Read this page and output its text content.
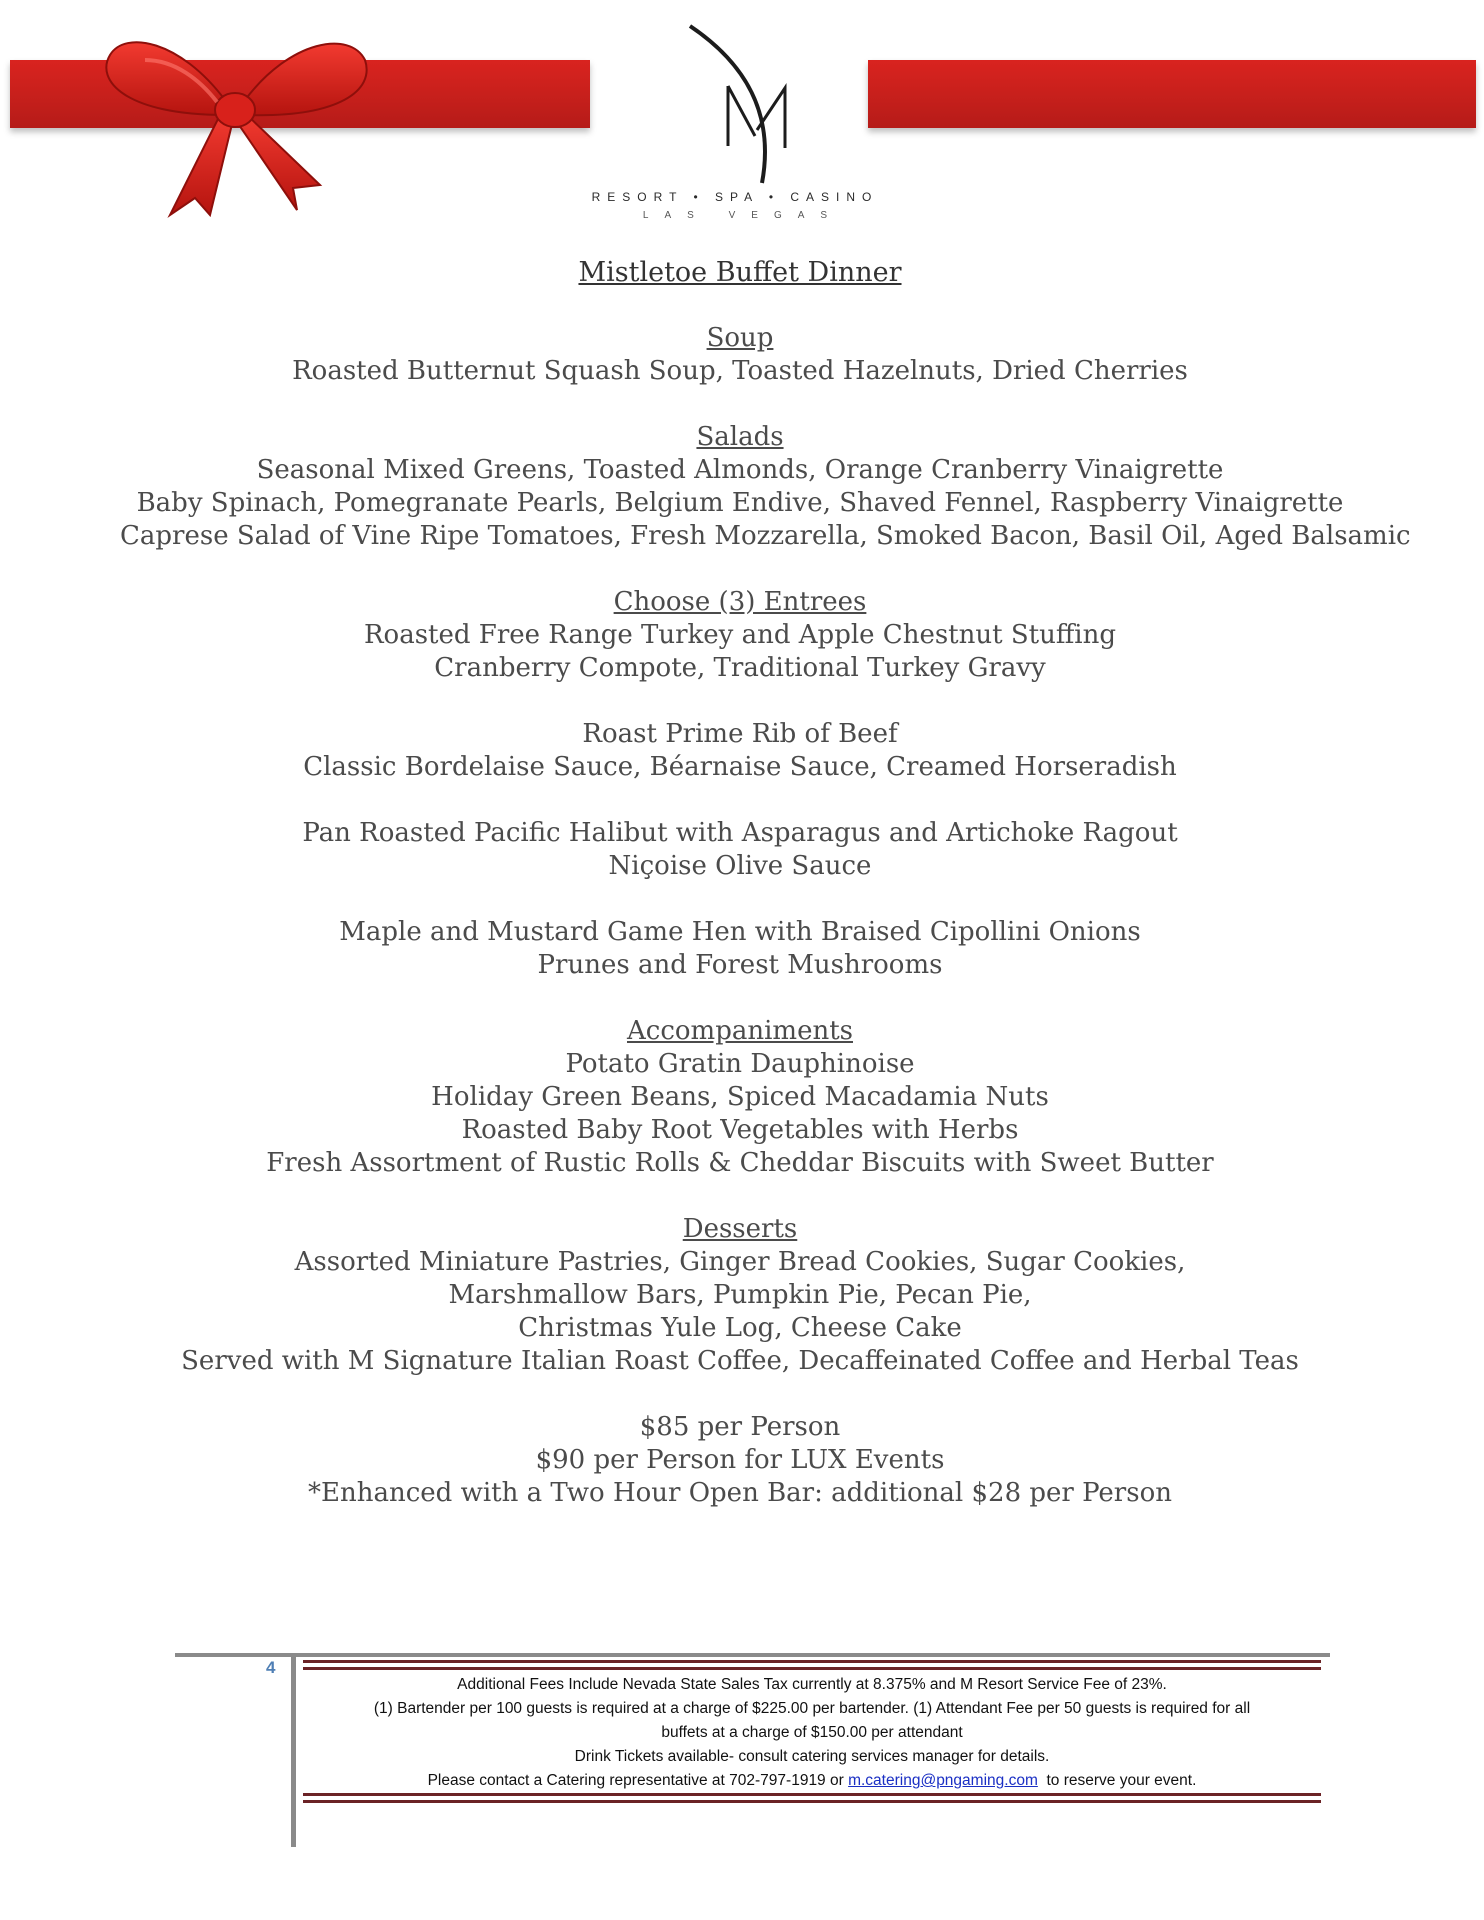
RESORT • SPA • CASINO
LAS VEGAS

Mistletoe Buffet Dinner

Soup

Roasted Butternut Squash Soup, Toasted Hazelnuts, Dried Cherries

Salads

Seasonal Mixed Greens, Toasted Almonds, Orange Cranberry Vinaigrette

Baby Spinach, Pomegranate Pearls, Belgium Endive, Shaved Fennel, Raspberry Vinaigrette

Caprese Salad of Vine Ripe Tomatoes, Fresh Mozzarella, Smoked Bacon, Basil Oil, Aged Balsamic

Choose (3) Entrees

Roasted Free Range Turkey and Apple Chestnut Stuffing

Cranberry Compote, Traditional Turkey Gravy

Roast Prime Rib of Beef

Classic Bordelaise Sauce, Béarnaise Sauce, Creamed Horseradish

Pan Roasted Pacific Halibut with Asparagus and Artichoke Ragout

Niçoise Olive Sauce

Maple and Mustard Game Hen with Braised Cipollini Onions

Prunes and Forest Mushrooms

Accompaniments

Potato Gratin Dauphinoise

Holiday Green Beans, Spiced Macadamia Nuts

Roasted Baby Root Vegetables with Herbs

Fresh Assortment of Rustic Rolls & Cheddar Biscuits with Sweet Butter

Desserts

Assorted Miniature Pastries, Ginger Bread Cookies, Sugar Cookies,

Marshmallow Bars, Pumpkin Pie, Pecan Pie,

Christmas Yule Log, Cheese Cake

Served with M Signature Italian Roast Coffee, Decaffeinated Coffee and Herbal Teas

$85 per Person

$90 per Person for LUX Events

*Enhanced with a Two Hour Open Bar: additional $28 per Person

4

Additional Fees Include Nevada State Sales Tax currently at 8.375% and M Resort Service Fee of 23%.

(1) Bartender per 100 guests is required at a charge of $225.00 per bartender. (1) Attendant Fee per 50 guests is required for all

buffets at a charge of $150.00 per attendant

Drink Tickets available- consult catering services manager for details.

Please contact a Catering representative at 702-797-1919 or m.catering@pngaming.com to reserve your event.
